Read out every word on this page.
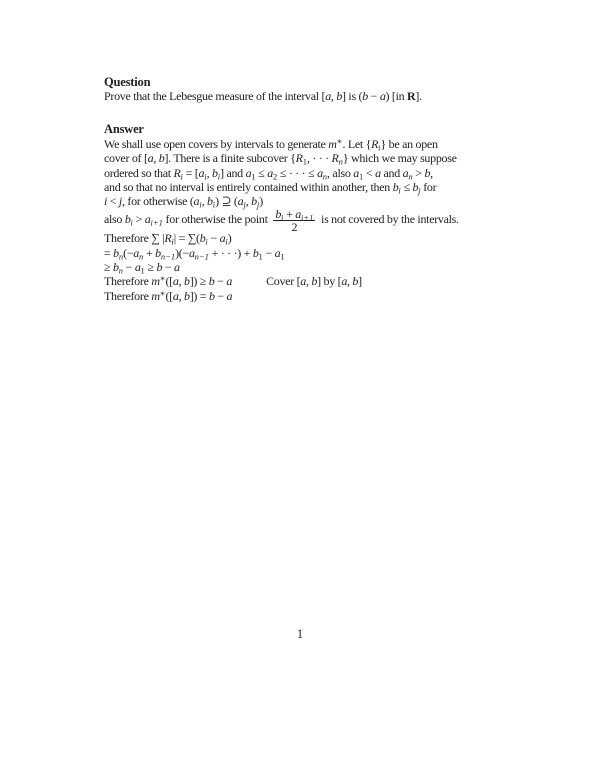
Question
Prove that the Lebesgue measure of the interval [a, b] is (b − a) [in R].
Answer
We shall use open covers by intervals to generate m∗. Let $\{R_i\}$ be an open
cover of [a, b]. There is a finite subcover {$R_1$, · · · $R_n$} which we may suppose
ordered so that $R_i = [a_i$, $b_i$] and $a_1 \le a_2$ ≤ · · · ≤ $a_n$, also $a_1 < a$ and $a_n > b$,
and so that no interval is entirely contained within another, then $b_i \le b_j$ for
i < j, for otherwise ($a_i$, $b_i$) ⊇ ($a_j$, $b_j$)
also $b_i > a_{i+1}$ for otherwise the point $\frac{b_i + a_{i+1}}{2}$ is not covered by the intervals.
Therefore ∑ $|R_i| = \sum(b_i - a_i)$
= $b_n(-a_n + b_{n-1})(-a_{n-1}$ + · · ·) + $b_1 - a_1$
≥ $b_n - a_1 \ge b - a$
Therefore m∗([a, b]) ≥ b − a	Cover [a, b] by [a, b]
Therefore m∗([a, b]) = b − a
1
